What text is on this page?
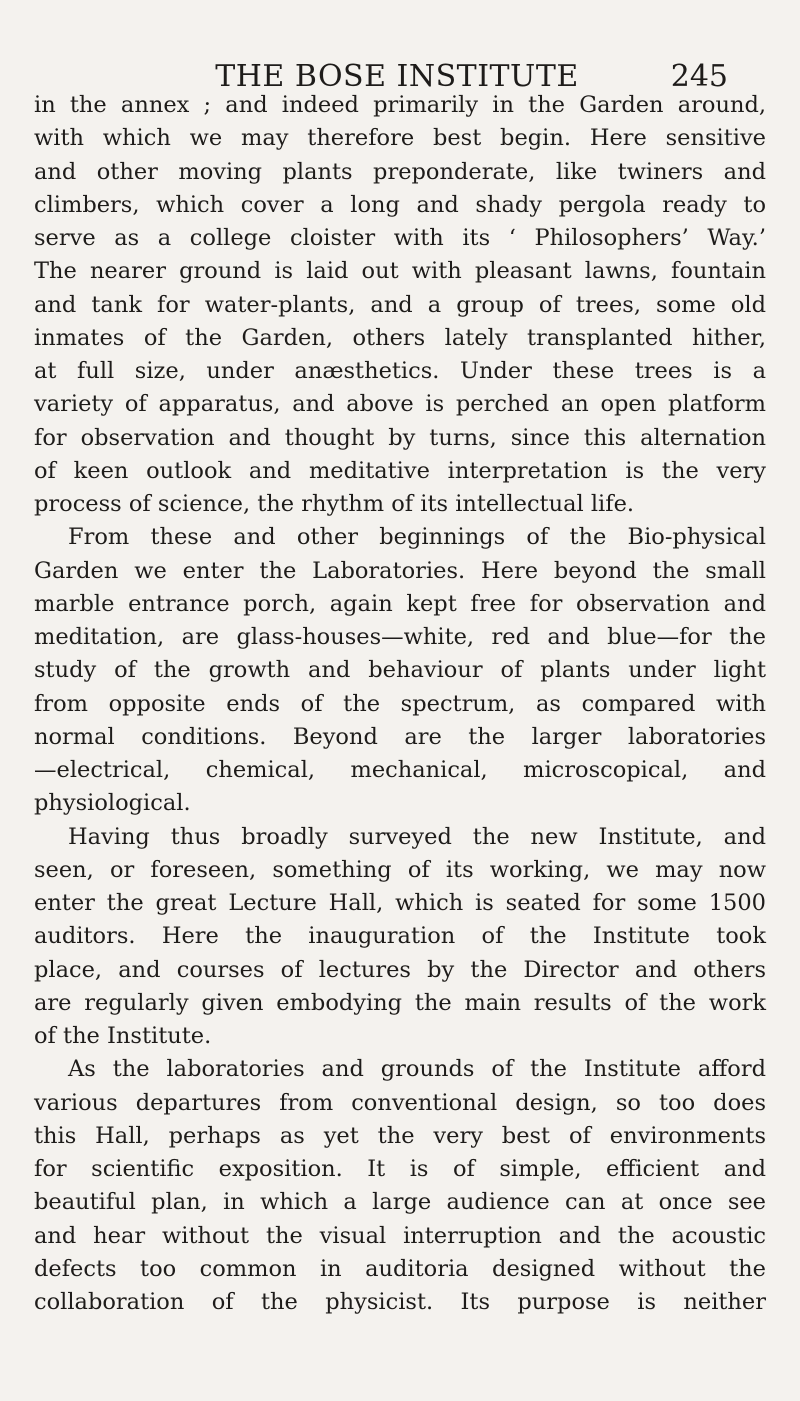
THE BOSE INSTITUTE	245
in the annex ; and indeed primarily in the Garden around,
with which we may therefore best begin. Here sensitive
and other moving plants preponderate, like twiners and
climbers, which cover a long and shady pergola ready to
serve as a college cloister with its ‘ Philosophers’ Way.’
The nearer ground is laid out with pleasant lawns, fountain
and tank for water-plants, and a group of trees, some old
inmates of the Garden, others lately transplanted hither,
at full size, under anæsthetics. Under these trees is a
variety of apparatus, and above is perched an open platform
for observation and thought by turns, since this alternation
of keen outlook and meditative interpretation is the very
process of science, the rhythm of its intellectual life.
From these and other beginnings of the Bio-physical
Garden we enter the Laboratories. Here beyond the small
marble entrance porch, again kept free for observation and
meditation, are glass-houses—white, red and blue—for the
study of the growth and behaviour of plants under light
from opposite ends of the spectrum, as compared with
normal conditions. Beyond are the larger laboratories
—electrical, chemical, mechanical, microscopical, and
physiological.
Having thus broadly surveyed the new Institute, and
seen, or foreseen, something of its working, we may now
enter the great Lecture Hall, which is seated for some 1500
auditors. Here the inauguration of the Institute took
place, and courses of lectures by the Director and others
are regularly given embodying the main results of the work
of the Institute.
As the laboratories and grounds of the Institute afford
various departures from conventional design, so too does
this Hall, perhaps as yet the very best of environments
for scientific exposition. It is of simple, efficient and
beautiful plan, in which a large audience can at once see
and hear without the visual interruption and the acoustic
defects too common in auditoria designed without the
collaboration of the physicist. Its purpose is neither
